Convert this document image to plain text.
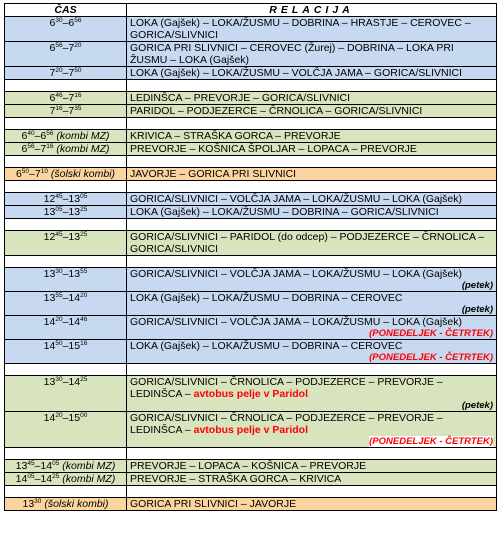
ČAS	RELACIJA
$6^{30}-6^{56}$	LOKA (Gajšek) – LOKA/ŽUSMU – DOBRINA – HRASTJE – CEROVEC – GORICA/SLIVNICI
$6^{56}-7^{20}$	GORICA PRI SLIVNICI – CEROVEC (Žurej) – DOBRINA – LOKA PRI ŽUSMU – LOKA (Gajšek)
$7^{20}-7^{50}$	LOKA (Gajšek) – LOKA/ŽUSMU – VOLČJA JAMA – GORICA/SLIVNICI

$6^{46}-7^{16}$	LEDINŠCA – PREVORJE – GORICA/SLIVNICI
$7^{16}-7^{35}$	PARIDOL – PODJEZERCE – ČRNOLICA – GORICA/SLIVNICI

$6^{40}-6^{56}$ (kombi MZ)	KRIVICA – STRAŠKA GORCA – PREVORJE
$6^{56}-7^{16}$ (kombi MZ)	PREVORJE – KOŠNICA ŠPOLJAR – LOPACA – PREVORJE

$6^{50}-7^{10}$ (šolski kombi)	JAVORJE – GORICA PRI SLIVNICI

$12^{45}-13^{05}$	GORICA/SLIVNICI – VOLČJA JAMA – LOKA/ŽUSMU – LOKA (Gajšek)
$13^{05}-13^{25}$	LOKA (Gajšek) – LOKA/ŽUSMU – DOBRINA – GORICA/SLIVNICI

$12^{45}-13^{25}$	GORICA/SLIVNICI – PARIDOL (do odcep) – PODJEZERCE – ČRNOLICA – GORICA/SLIVNICI

$13^{30}-13^{55}$	GORICA/SLIVNICI – VOLČJA JAMA – LOKA/ŽUSMU – LOKA (Gajšek)
(petek)

$13^{55}-14^{20}$	LOKA (Gajšek) – LOKA/ŽUSMU – DOBRINA – CEROVEC
(petek)

$14^{20}-14^{46}$	GORICA/SLIVNICI – VOLČJA JAMA – LOKA/ŽUSMU – LOKA (Gajšek)
(PONEDELJEK - ČETRTEK)

$14^{50}-15^{16}$	LOKA (Gajšek) – LOKA/ŽUSMU – DOBRINA – CEROVEC
(PONEDELJEK - ČETRTEK)

$13^{30}-14^{25}$	GORICA/SLIVNICI – ČRNOLICA – PODJEZERCE – PREVORJE – LEDINŠCA – avtobus pelje v Paridol
(petek)

$14^{20}-15^{00}$	GORICA/SLIVNICI – ČRNOLICA – PODJEZERCE – PREVORJE – LEDINŠCA – avtobus pelje v Paridol
(PONEDELJEK - ČETRTEK)

$13^{45}-14^{05}$ (kombi MZ)	PREVORJE – LOPACA – KOŠNICA – PREVORJE
$14^{05}-14^{25}$ (kombi MZ)	PREVORJE – STRAŠKA GORCA – KRIVICA

$13^{30}$ (šolski kombi)	GORICA PRI SLIVNICI – JAVORJE
